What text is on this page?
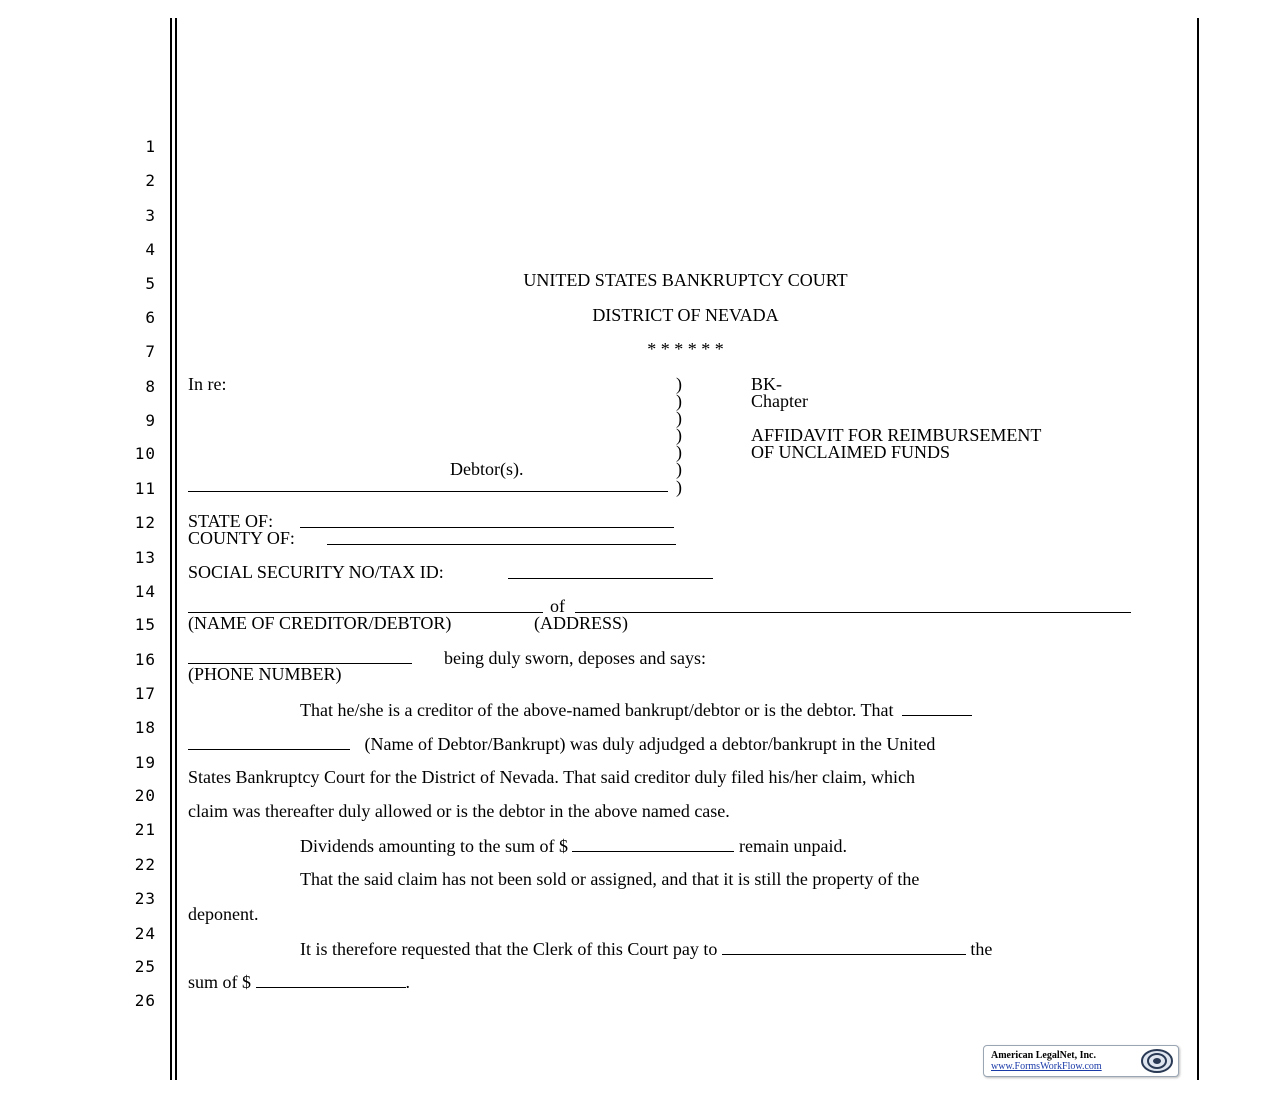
1
2
3
4
5
6
7
8
9
10
11
12
13
14
15
16
17
18
19
20
21
22
23
24
25
26
UNITED STATES BANKRUPTCY COURT
DISTRICT OF NEVADA
* * * * * *
In re:
Debtor(s).
)
)
)
)
)
)
)
BK-
Chapter
AFFIDAVIT FOR REIMBURSEMENT
OF UNCLAIMED FUNDS
STATE OF:
COUNTY OF:
SOCIAL SECURITY NO/TAX ID:
of
(NAME OF CREDITOR/DEBTOR)	(ADDRESS)
being duly sworn, deposes and says:
(PHONE NUMBER)
That he/she is a creditor of the above-named bankrupt/debtor or is the debtor. That
(Name of Debtor/Bankrupt) was duly adjudged a debtor/bankrupt in the United
States Bankruptcy Court for the District of Nevada. That said creditor duly filed his/her claim, which
claim was thereafter duly allowed or is the debtor in the above named case.
Dividends amounting to the sum of $	remain unpaid.
That the said claim has not been sold or assigned, and that it is still the property of the
deponent.
It is therefore requested that the Clerk of this Court pay to	the
sum of $	.
American LegalNet, Inc.
www.FormsWorkFlow.com
